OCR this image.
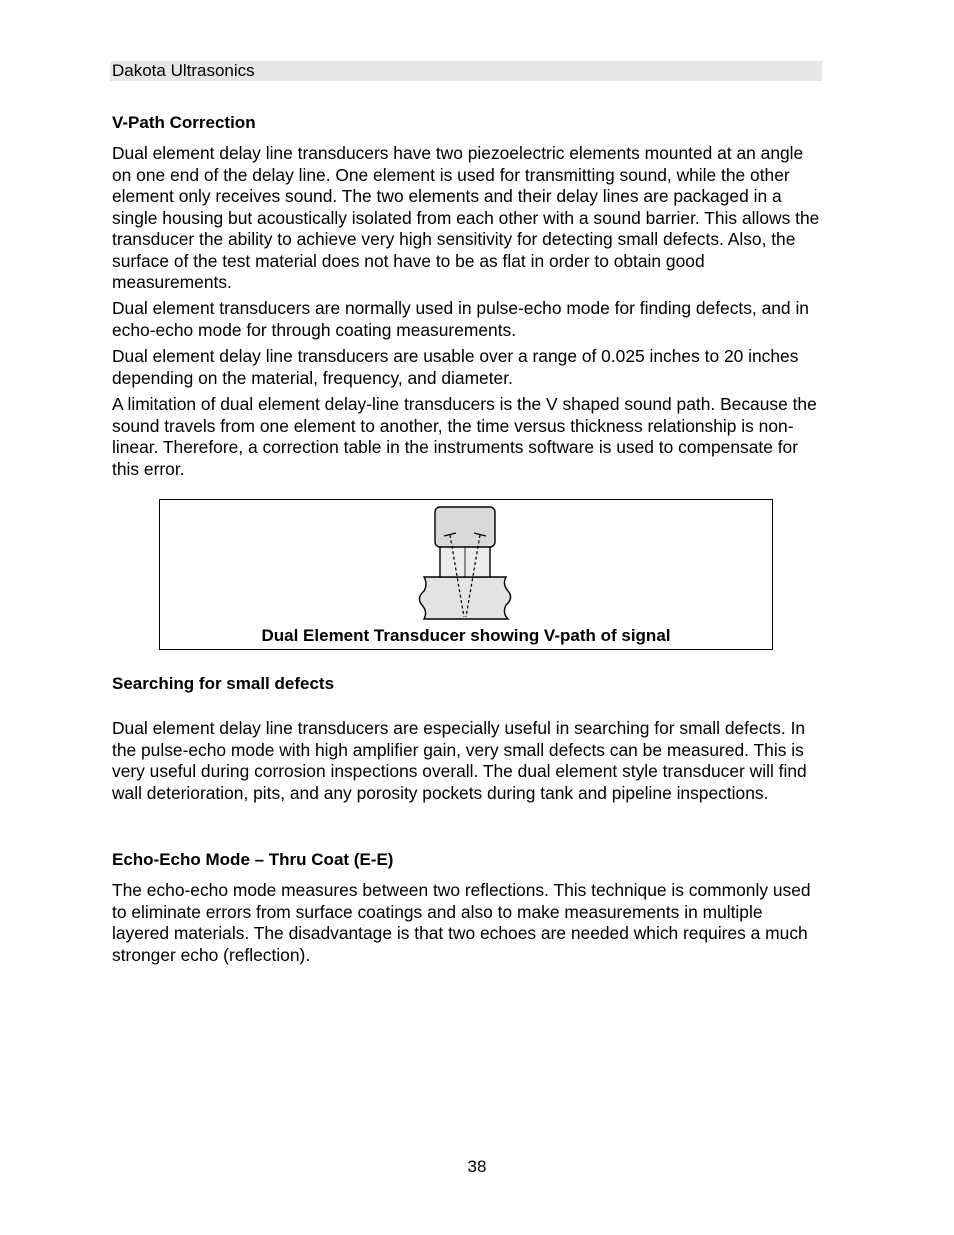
Dakota Ultrasonics
V-Path Correction

Dual element delay line transducers have two piezoelectric elements mounted at an angle on one end of the delay line. One element is used for transmitting sound, while the other element only receives sound. The two elements and their delay lines are packaged in a single housing but acoustically isolated from each other with a sound barrier. This allows the transducer the ability to achieve very high sensitivity for detecting small defects. Also, the surface of the test material does not have to be as flat in order to obtain good measurements.

Dual element transducers are normally used in pulse-echo mode for finding defects, and in echo-echo mode for through coating measurements.

Dual element delay line transducers are usable over a range of 0.025 inches to 20 inches depending on the material, frequency, and diameter.

A limitation of dual element delay-line transducers is the V shaped sound path. Because the sound travels from one element to another, the time versus thickness relationship is non-linear. Therefore, a correction table in the instruments software is used to compensate for this error.

Dual Element Transducer showing V-path of signal
Searching for small defects

Dual element delay line transducers are especially useful in searching for small defects. In the pulse-echo mode with high amplifier gain, very small defects can be measured. This is very useful during corrosion inspections overall. The dual element style transducer will find wall deterioration, pits, and any porosity pockets during tank and pipeline inspections.

Echo-Echo Mode – Thru Coat (E-E)

The echo-echo mode measures between two reflections. This technique is commonly used to eliminate errors from surface coatings and also to make measurements in multiple layered materials. The disadvantage is that two echoes are needed which requires a much stronger echo (reflection).

38
